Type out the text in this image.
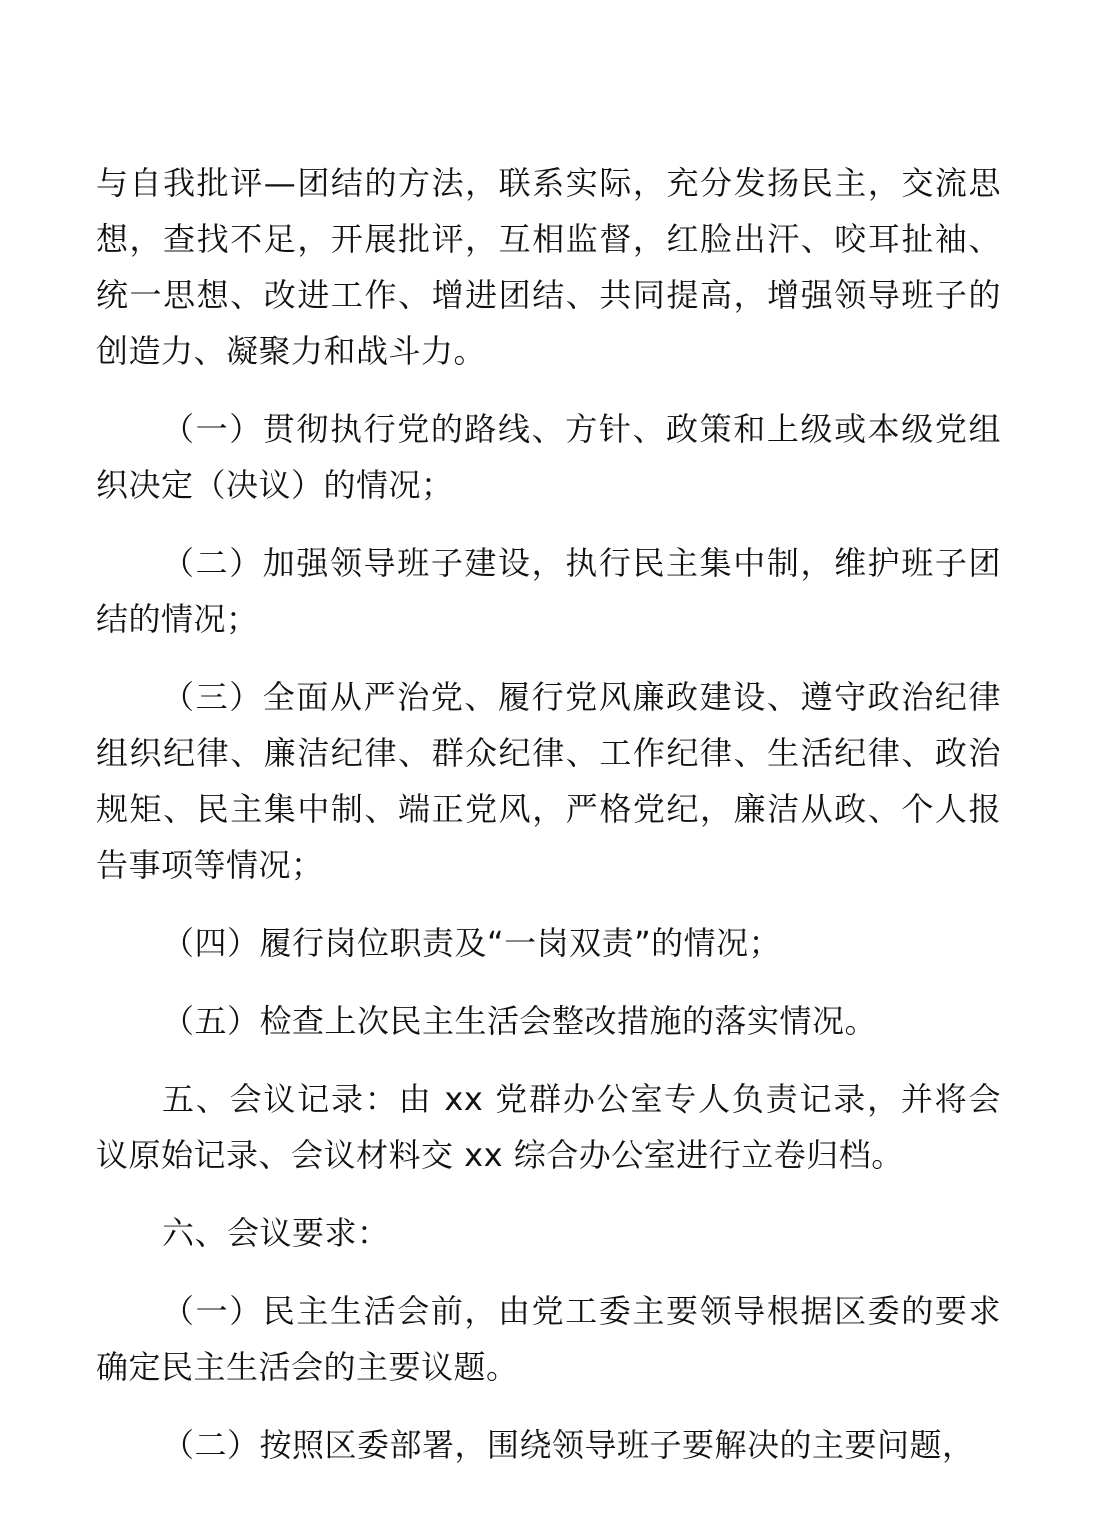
与自我批评—团结的方法，联系实际，充分发扬民主，交流思想，查找不足，开展批评，互相监督，红脸出汗、咬耳扯袖、统一思想、改进工作、增进团结、共同提高，增强领导班子的创造力、凝聚力和战斗力。

（一）贯彻执行党的路线、方针、政策和上级或本级党组织决定（决议）的情况；

（二）加强领导班子建设，执行民主集中制，维护班子团结的情况；

（三）全面从严治党、履行党风廉政建设、遵守政治纪律组织纪律、廉洁纪律、群众纪律、工作纪律、生活纪律、政治规矩、民主集中制、端正党风，严格党纪，廉洁从政、个人报告事项等情况；

（四）履行岗位职责及“一岗双责”的情况；

（五）检查上次民主生活会整改措施的落实情况。

五、会议记录：由 xx 党群办公室专人负责记录，并将会议原始记录、会议材料交 xx 综合办公室进行立卷归档。

六、会议要求：

（一）民主生活会前，由党工委主要领导根据区委的要求确定民主生活会的主要议题。

（二）按照区委部署，围绕领导班子要解决的主要问题，
